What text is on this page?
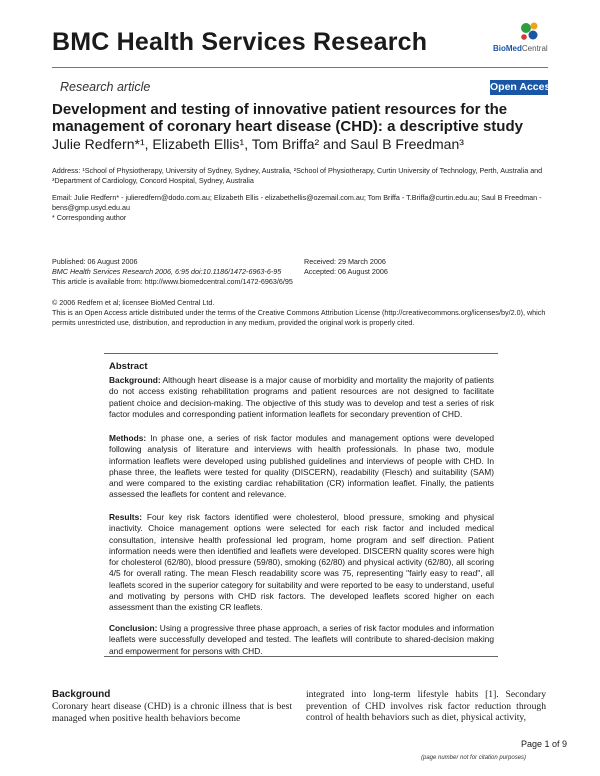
BMC Health Services Research	BioMedCentral
Research article	Open Access
Development and testing of innovative patient resources for the management of coronary heart disease (CHD): a descriptive study
Julie Redfern*¹, Elizabeth Ellis¹, Tom Briffa² and Saul B Freedman³
Address: ¹School of Physiotherapy, University of Sydney, Sydney, Australia, ²School of Physiotherapy, Curtin University of Technology, Perth, Australia and ³Department of Cardiology, Concord Hospital, Sydney, Australia
Email: Julie Redfern* - julieredfern@dodo.com.au; Elizabeth Ellis - elizabethellis@ozemail.com.au; Tom Briffa - T.Briffa@curtin.edu.au; Saul B Freedman - bens@gmp.usyd.edu.au
* Corresponding author
Published: 06 August 2006
BMC Health Services Research 2006, 6:95 doi:10.1186/1472-6963-6-95
This article is available from: http://www.biomedcentral.com/1472-6963/6/95
Received: 29 March 2006
Accepted: 06 August 2006
© 2006 Redfern et al; licensee BioMed Central Ltd.
This is an Open Access article distributed under the terms of the Creative Commons Attribution License (http://creativecommons.org/licenses/by/2.0), which permits unrestricted use, distribution, and reproduction in any medium, provided the original work is properly cited.
Abstract
Background: Although heart disease is a major cause of morbidity and mortality the majority of patients do not access existing rehabilitation programs and patient resources are not designed to facilitate patient choice and decision-making. The objective of this study was to develop and test a series of risk factor modules and corresponding patient information leaflets for secondary prevention of CHD.
Methods: In phase one, a series of risk factor modules and management options were developed following analysis of literature and interviews with health professionals. In phase two, module information leaflets were developed using published guidelines and interviews of people with CHD. In phase three, the leaflets were tested for quality (DISCERN), readability (Flesch) and suitability (SAM) and were compared to the existing cardiac rehabilitation (CR) information leaflet. Finally, the patients assessed the leaflets for content and relevance.
Results: Four key risk factors identified were cholesterol, blood pressure, smoking and physical inactivity. Choice management options were selected for each risk factor and included medical consultation, intensive health professional led program, home program and self direction. Patient information needs were then identified and leaflets were developed. DISCERN quality scores were high for cholesterol (62/80), blood pressure (59/80), smoking (62/80) and physical activity (62/80), all scoring 4/5 for overall rating. The mean Flesch readability score was 75, representing "fairly easy to read", all leaflets scored in the superior category for suitability and were reported to be easy to understand, useful and motivating by persons with CHD risk factors. The developed leaflets scored higher on each assessment than the existing CR leaflets.
Conclusion: Using a progressive three phase approach, a series of risk factor modules and information leaflets were successfully developed and tested. The leaflets will contribute to shared-decision making and empowerment for persons with CHD.
Background
Coronary heart disease (CHD) is a chronic illness that is best managed when positive health behaviors become
integrated into long-term lifestyle habits [1]. Secondary prevention of CHD involves risk factor reduction through control of health behaviors such as diet, physical activity,
Page 1 of 9
(page number not for citation purposes)
